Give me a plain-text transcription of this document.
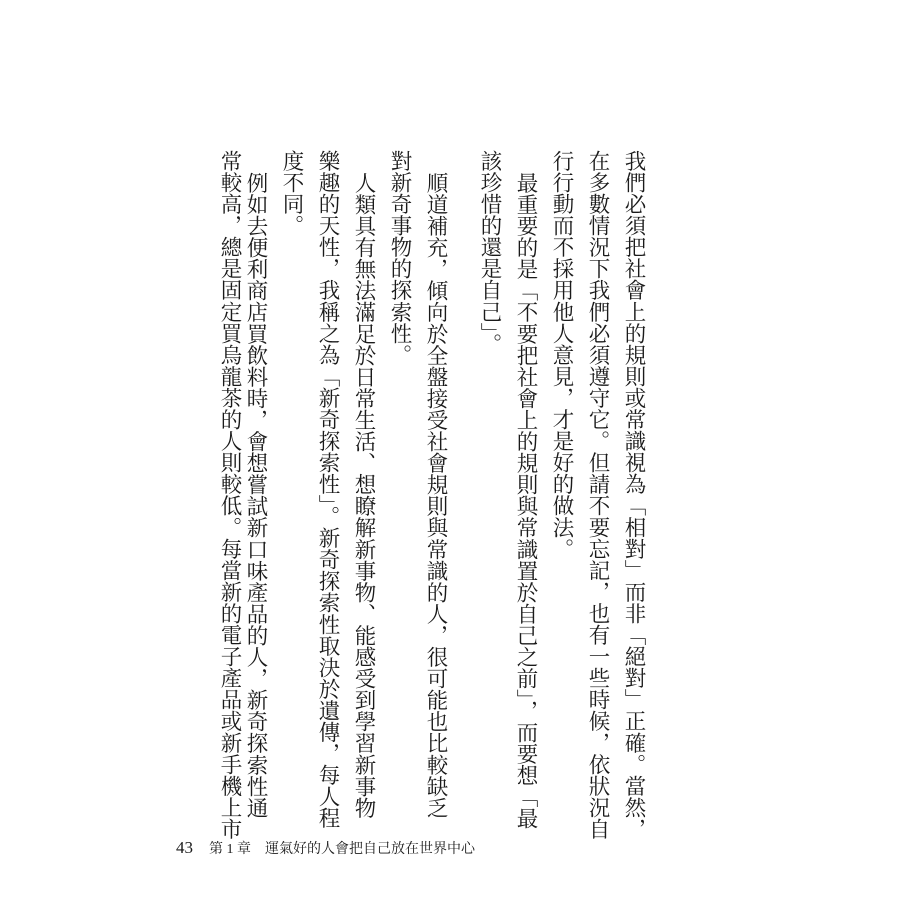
我們必須把社會上的規則或常識視為「相對」而非「絕對」正確。當然，
在多數情況下我們必須遵守它。但請不要忘記，也有一些時候，依狀況自
行行動而不採用他人意見，才是好的做法。
最重要的是「不要把社會上的規則與常識置於自己之前」，而要想「最
該珍惜的還是自己」。
順道補充，傾向於全盤接受社會規則與常識的人，很可能也比較缺乏
對新奇事物的探索性。
人類具有無法滿足於日常生活、想瞭解新事物、能感受到學習新事物
樂趣的天性，我稱之為「新奇探索性」。新奇探索性取決於遺傳，每人程
度不同。
例如去便利商店買飲料時，會想嘗試新口味產品的人，新奇探索性通
常較高，總是固定買烏龍茶的人則較低。每當新的電子產品或新手機上市
43 第 1 章 運氣好的人會把自己放在世界中心
